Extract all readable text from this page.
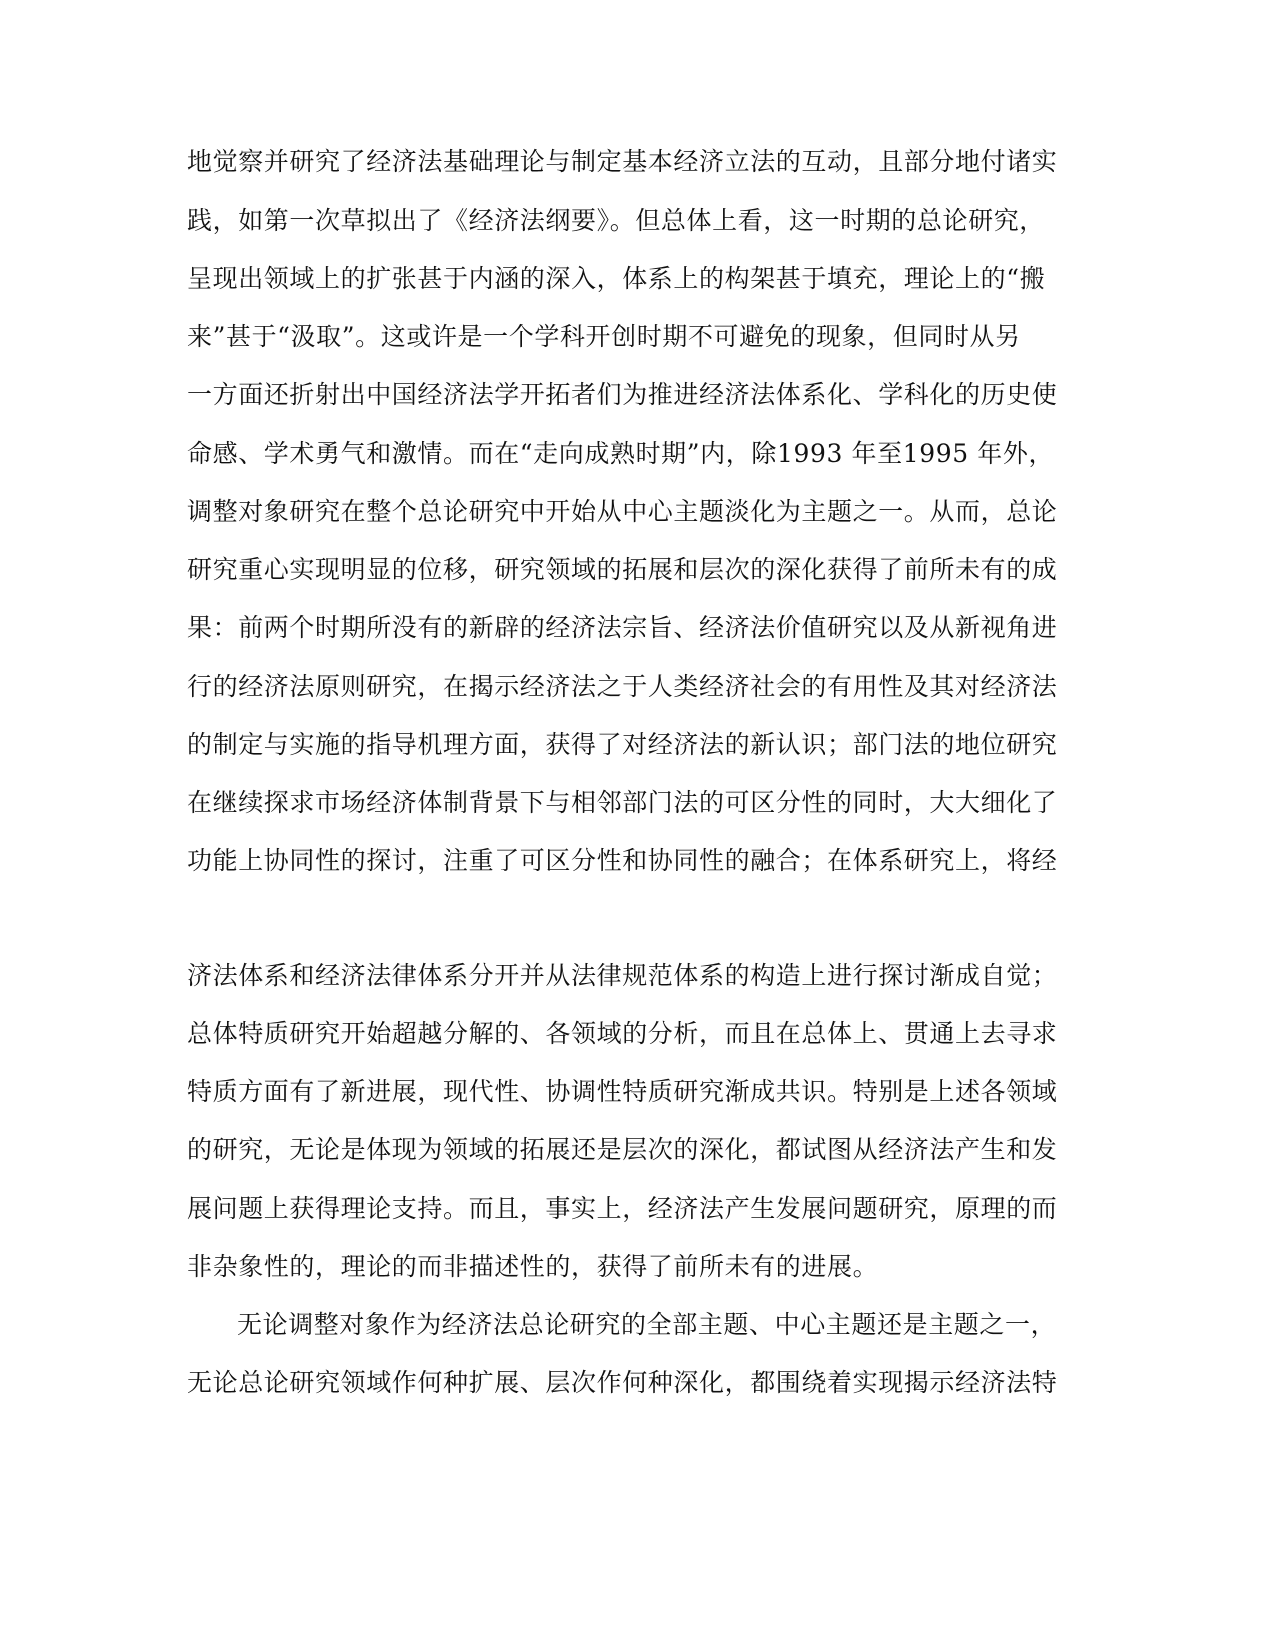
地觉察并研究了经济法基础理论与制定基本经济立法的互动，且部分地付诸实
践，如第一次草拟出了《经济法纲要》。但总体上看，这一时期的总论研究，
呈现出领域上的扩张甚于内涵的深入，体系上的构架甚于填充，理论上的“搬
来”甚于“汲取”。这或许是一个学科开创时期不可避免的现象，但同时从另
一方面还折射出中国经济法学开拓者们为推进经济法体系化、学科化的历史使
命感、学术勇气和激情。而在“走向成熟时期”内，除1993 年至1995 年外，
调整对象研究在整个总论研究中开始从中心主题淡化为主题之一。从而，总论
研究重心实现明显的位移，研究领域的拓展和层次的深化获得了前所未有的成
果：前两个时期所没有的新辟的经济法宗旨、经济法价值研究以及从新视角进
行的经济法原则研究，在揭示经济法之于人类经济社会的有用性及其对经济法
的制定与实施的指导机理方面，获得了对经济法的新认识；部门法的地位研究
在继续探求市场经济体制背景下与相邻部门法的可区分性的同时，大大细化了
功能上协同性的探讨，注重了可区分性和协同性的融合；在体系研究上，将经
济法体系和经济法律体系分开并从法律规范体系的构造上进行探讨渐成自觉；
总体特质研究开始超越分解的、各领域的分析，而且在总体上、贯通上去寻求
特质方面有了新进展，现代性、协调性特质研究渐成共识。特别是上述各领域
的研究，无论是体现为领域的拓展还是层次的深化，都试图从经济法产生和发
展问题上获得理论支持。而且，事实上，经济法产生发展问题研究，原理的而
非杂象性的，理论的而非描述性的，获得了前所未有的进展。
无论调整对象作为经济法总论研究的全部主题、中心主题还是主题之一，
无论总论研究领域作何种扩展、层次作何种深化，都围绕着实现揭示经济法特
